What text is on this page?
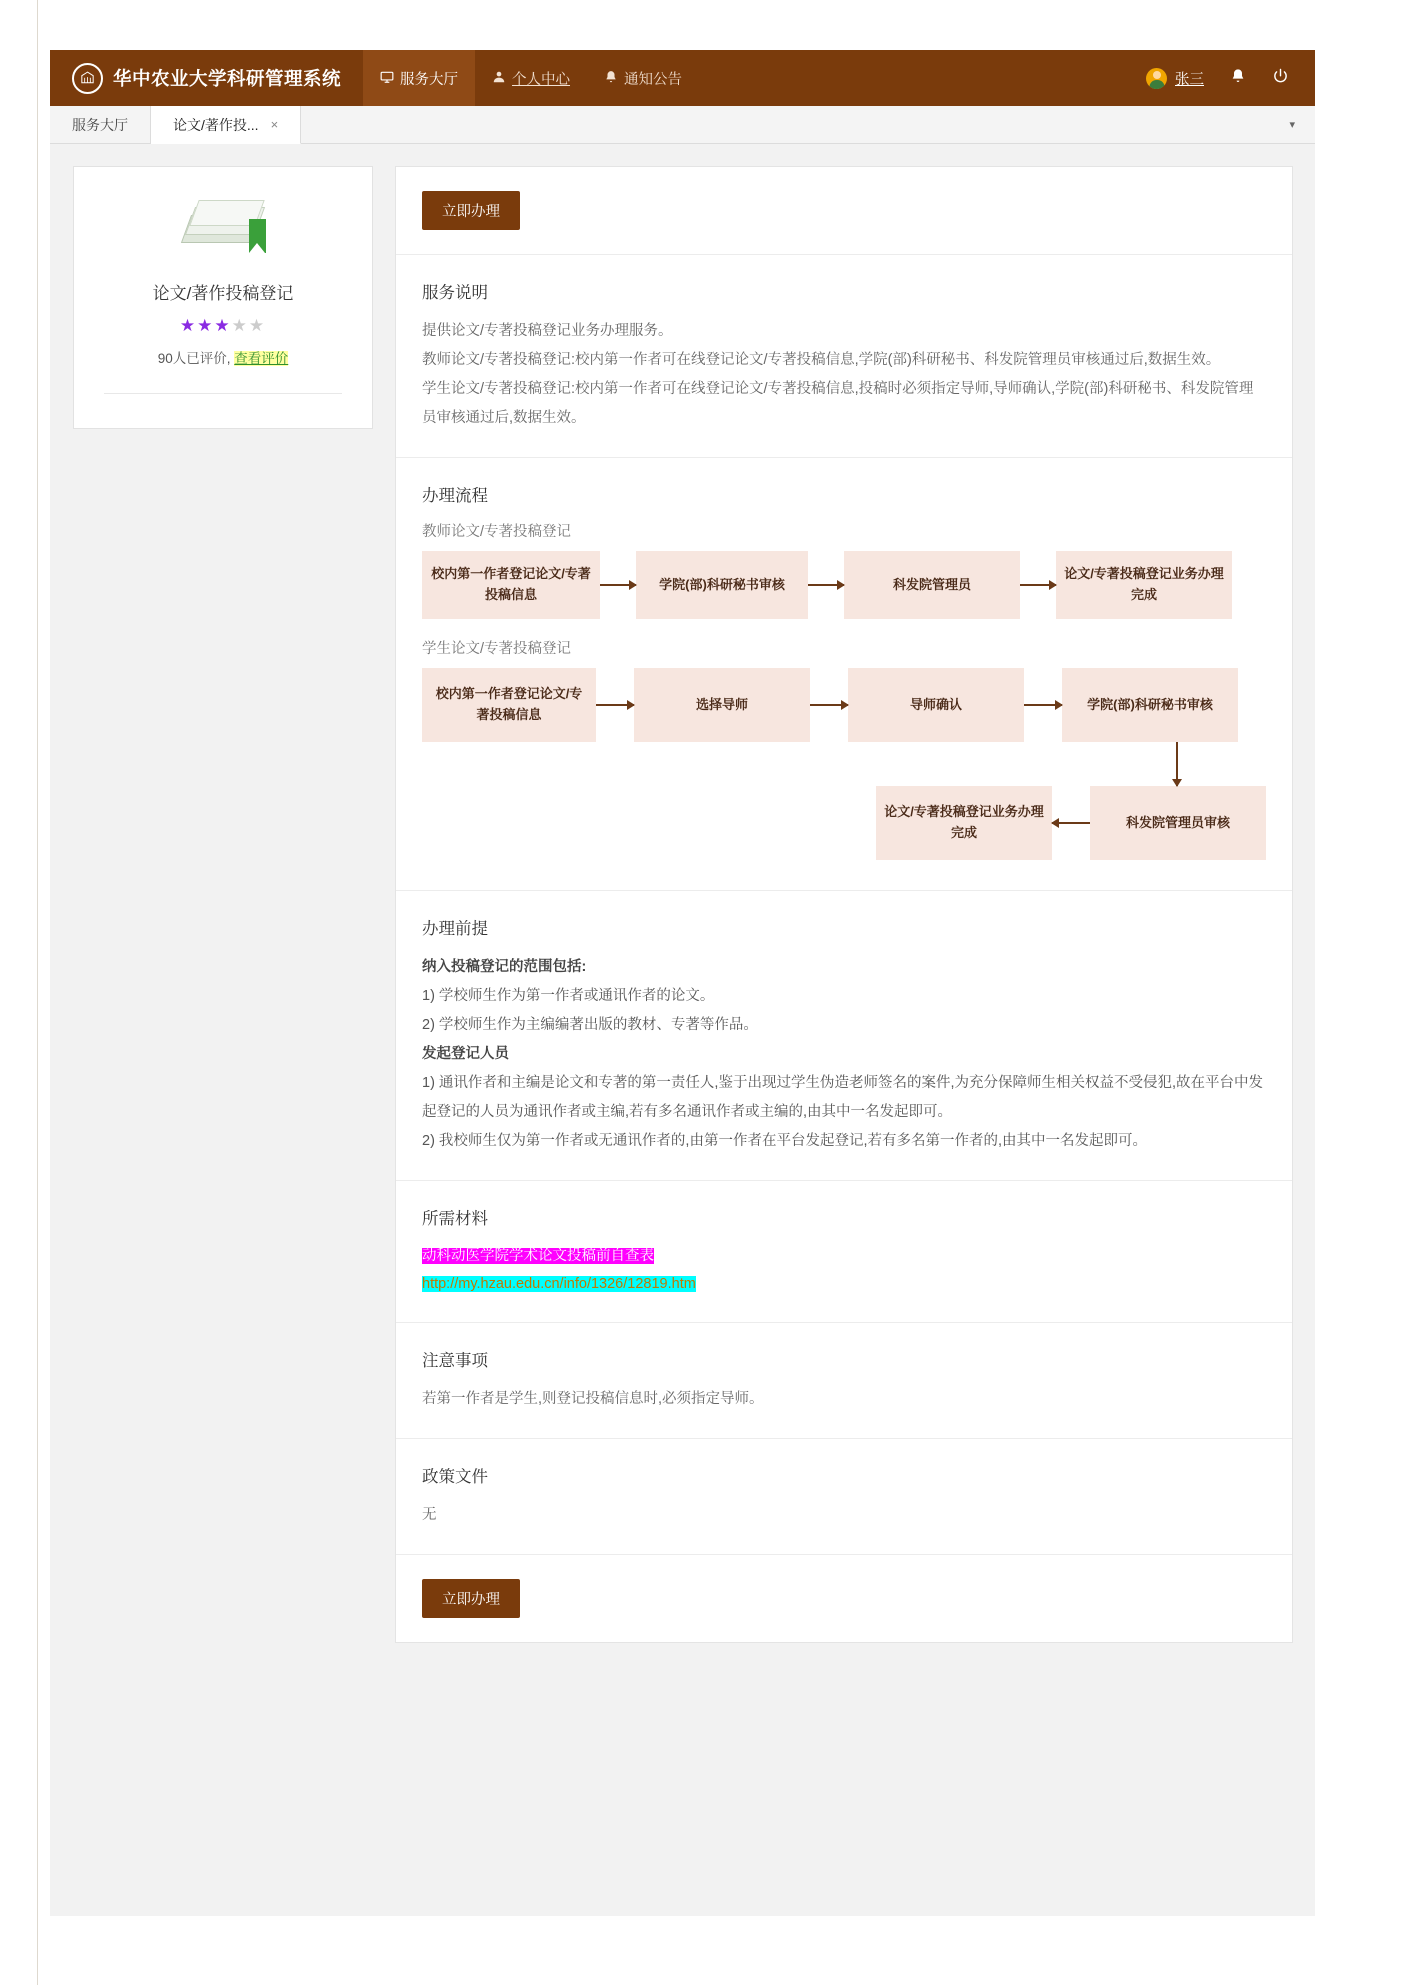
华中农业大学科研管理系统	服务大厅	个人中心	通知公告	张三
服务大厅	论文/著作投... ×	▾
论文/著作投稿登记
★★★★★
90人已评价, 查看评价
立即办理
服务说明
提供论文/专著投稿登记业务办理服务。
教师论文/专著投稿登记:校内第一作者可在线登记论文/专著投稿信息,学院(部)科研秘书、科发院管理员审核通过后,数据生效。
学生论文/专著投稿登记:校内第一作者可在线登记论文/专著投稿信息,投稿时必须指定导师,导师确认,学院(部)科研秘书、科发院管理员审核通过后,数据生效。
办理流程
教师论文/专著投稿登记
校内第一作者登记论文/专著投稿信息
学院(部)科研秘书审核	科发院管理员
论文/专著投稿登记业务办理完成
学生论文/专著投稿登记
校内第一作者登记论文/专著投稿信息
选择导师	导师确认	学院(部)科研秘书审核
论文/专著投稿登记业务办理完成
科发院管理员审核
办理前提
纳入投稿登记的范围包括:
1) 学校师生作为第一作者或通讯作者的论文。
2) 学校师生作为主编编著出版的教材、专著等作品。
发起登记人员
1) 通讯作者和主编是论文和专著的第一责任人,鉴于出现过学生伪造老师签名的案件,为充分保障师生相关权益不受侵犯,故在平台中发起登记的人员为通讯作者或主编,若有多名通讯作者或主编的,由其中一名发起即可。
2) 我校师生仅为第一作者或无通讯作者的,由第一作者在平台发起登记,若有多名第一作者的,由其中一名发起即可。
所需材料
动科动医学院学术论文投稿前自查表
http://my.hzau.edu.cn/info/1326/12819.htm
注意事项
若第一作者是学生,则登记投稿信息时,必须指定导师。
政策文件
无
立即办理
